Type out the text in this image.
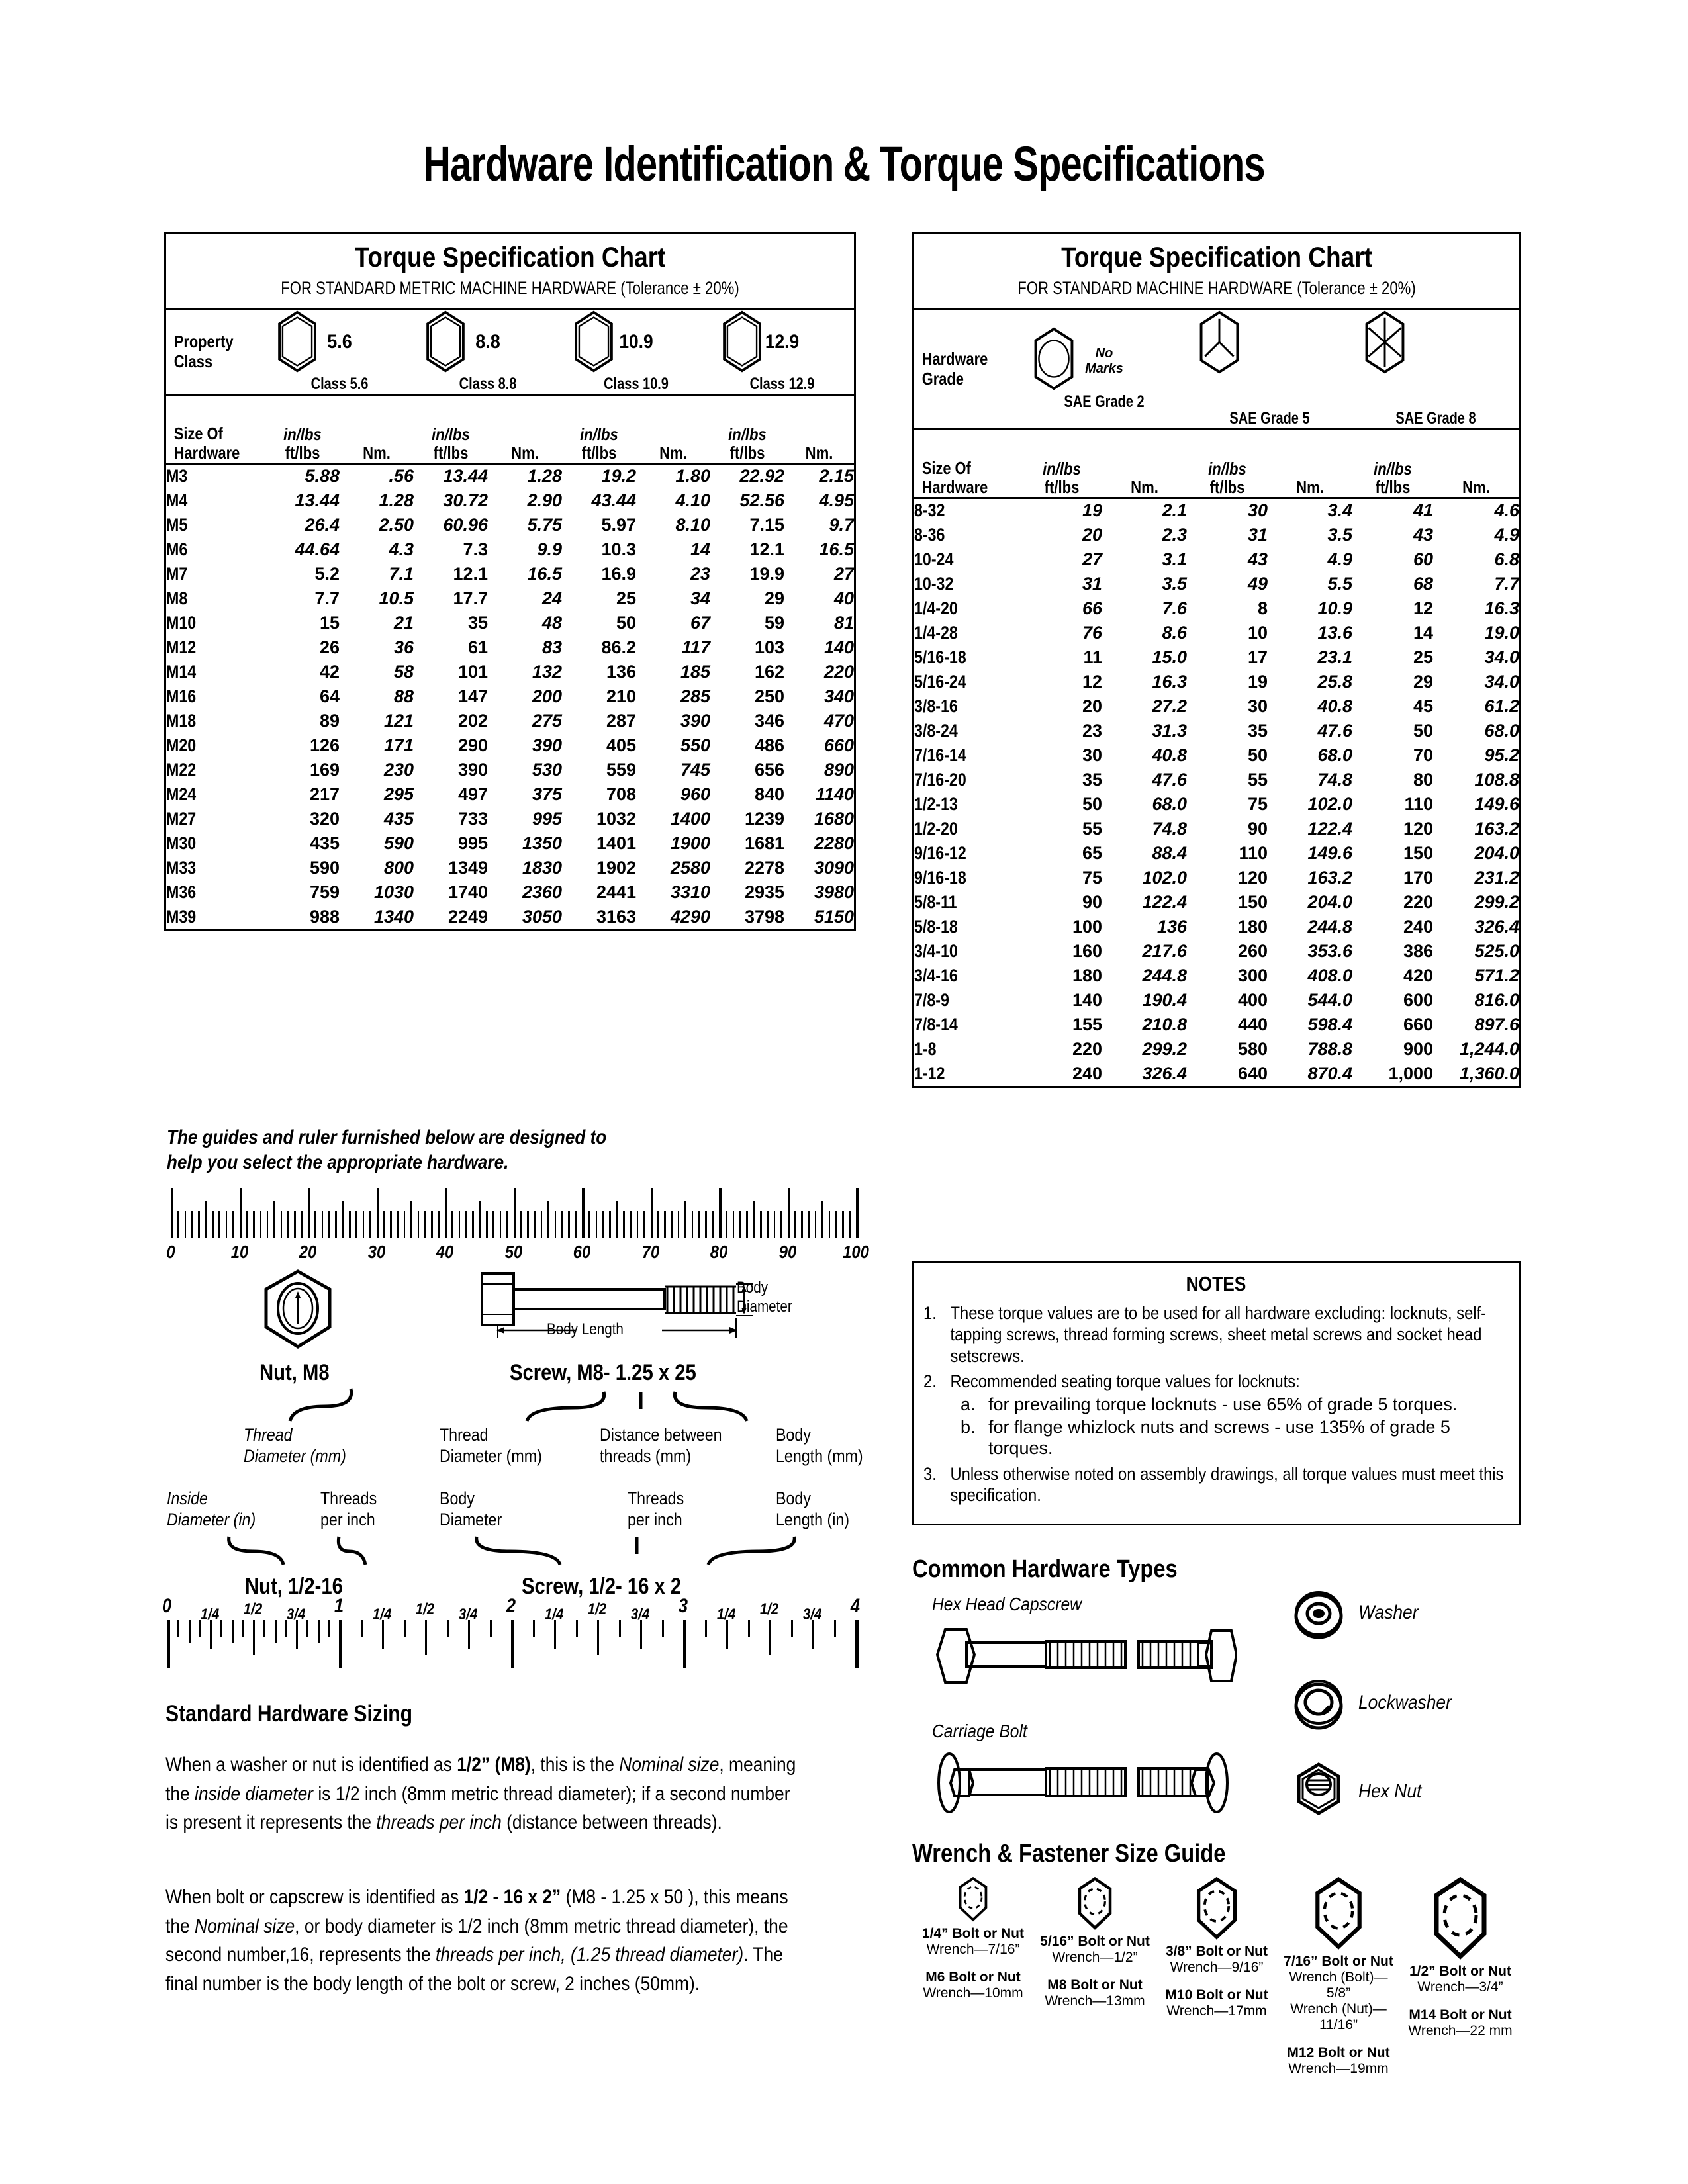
Hardware Identification & Torque Specifications
Torque Specification Chart
FOR STANDARD METRIC MACHINE HARDWARE (Tolerance ± 20%)
Property
Class

5.6
Class 5.6

8.8
Class 8.8

10.9
Class 10.9

12.9
Class 12.9

Size Of
Hardware	in/lbs
ft/lbs	Nm.	in/lbs
ft/lbs	Nm.	in/lbs
ft/lbs	Nm.	in/lbs
ft/lbs	Nm.

M3	5.88	.56	13.44	1.28	19.2	1.80	22.92	2.15
M4	13.44	1.28	30.72	2.90	43.44	4.10	52.56	4.95
M5	26.4	2.50	60.96	5.75	5.97	8.10	7.15	9.7
M6	44.64	4.3	7.3	9.9	10.3	14	12.1	16.5
M7	5.2	7.1	12.1	16.5	16.9	23	19.9	27
M8	7.7	10.5	17.7	24	25	34	29	40
M10	15	21	35	48	50	67	59	81
M12	26	36	61	83	86.2	117	103	140
M14	42	58	101	132	136	185	162	220
M16	64	88	147	200	210	285	250	340
M18	89	121	202	275	287	390	346	470
M20	126	171	290	390	405	550	486	660
M22	169	230	390	530	559	745	656	890
M24	217	295	497	375	708	960	840	1140
M27	320	435	733	995	1032	1400	1239	1680
M30	435	590	995	1350	1401	1900	1681	2280
M33	590	800	1349	1830	1902	2580	2278	3090
M36	759	1030	1740	2360	2441	3310	2935	3980
M39	988	1340	2249	3050	3163	4290	3798	5150
Torque Specification Chart
FOR STANDARD MACHINE HARDWARE (Tolerance ± 20%)
Hardware
Grade

No
Marks
SAE Grade 2

SAE Grade 5	SAE Grade 8

Size Of
Hardware	in/lbs
ft/lbs	Nm.	in/lbs
ft/lbs	Nm.	in/lbs
ft/lbs	Nm.

8-32	19	2.1	30	3.4	41	4.6
8-36	20	2.3	31	3.5	43	4.9
10-24	27	3.1	43	4.9	60	6.8
10-32	31	3.5	49	5.5	68	7.7
1/4-20	66	7.6	8	10.9	12	16.3
1/4-28	76	8.6	10	13.6	14	19.0
5/16-18	11	15.0	17	23.1	25	34.0
5/16-24	12	16.3	19	25.8	29	34.0
3/8-16	20	27.2	30	40.8	45	61.2
3/8-24	23	31.3	35	47.6	50	68.0
7/16-14	30	40.8	50	68.0	70	95.2
7/16-20	35	47.6	55	74.8	80	108.8
1/2-13	50	68.0	75	102.0	110	149.6
1/2-20	55	74.8	90	122.4	120	163.2
9/16-12	65	88.4	110	149.6	150	204.0
9/16-18	75	102.0	120	163.2	170	231.2
5/8-11	90	122.4	150	204.0	220	299.2
5/8-18	100	136	180	244.8	240	326.4
3/4-10	160	217.6	260	353.6	386	525.0
3/4-16	180	244.8	300	408.0	420	571.2
7/8-9	140	190.4	400	544.0	600	816.0
7/8-14	155	210.8	440	598.4	660	897.6
1-8	220	299.2	580	788.8	900	1,244.0
1-12	240	326.4	640	870.4	1,000	1,360.0
NOTES
1. These torque values are to be used for all hardware excluding: locknuts, self-tapping screws, thread forming screws, sheet metal screws and socket head setscrews.
2. Recommended seating torque values for locknuts:
a. for prevailing torque locknuts - use 65% of grade 5 torques.
b. for flange whizlock nuts and screws - use 135% of grade 5 torques.
3. Unless otherwise noted on assembly drawings, all torque values must meet this specification.
The guides and ruler furnished below are designed to
help you select the appropriate hardware.
0	10	20	30	40	50	60	70	80	90	100
Body
Diameter
Body Length
Nut, M8	Screw, M8- 1.25 x 25
Thread
Diameter (mm)
Thread
Diameter (mm)
Distance between
threads (mm)
Body
Length (mm)
Inside
Diameter (in)
Threads
per inch
Body
Diameter
Threads
per inch
Body
Length (in)
Nut, 1/2-16	Screw, 1/2- 16 x 2
0 1/4 1/2 3/4 1 1/4 1/2 3/4 2 1/4 1/2 3/4 3 1/4 1/2 3/4 4
Standard Hardware Sizing
When a washer or nut is identified as 1/2” (M8), this is the Nominal size, meaning the inside diameter is 1/2 inch (8mm metric thread diameter); if a second number is present it represents the threads per inch (distance between threads).
When bolt or capscrew is identified as 1/2 - 16 x 2” (M8 - 1.25 x 50 ), this means the Nominal size, or body diameter is 1/2 inch (8mm metric thread diameter), the second number,16, represents the threads per inch, (1.25 thread diameter). The final number is the body length of the bolt or screw, 2 inches (50mm).
Common Hardware Types
Hex Head Capscrew
Carriage Bolt
Washer
Lockwasher
Hex Nut
Wrench & Fastener Size Guide
1/4” Bolt or Nut
Wrench—7/16”
M6 Bolt or Nut
Wrench—10mm
5/16” Bolt or Nut
Wrench—1/2”
M8 Bolt or Nut
Wrench—13mm
3/8” Bolt or Nut
Wrench—9/16”
M10 Bolt or Nut
Wrench—17mm
7/16” Bolt or Nut
Wrench (Bolt)—5/8”
Wrench (Nut)—11/16”
M12 Bolt or Nut
Wrench—19mm
1/2” Bolt or Nut
Wrench—3/4”
M14 Bolt or Nut
Wrench—22 mm
